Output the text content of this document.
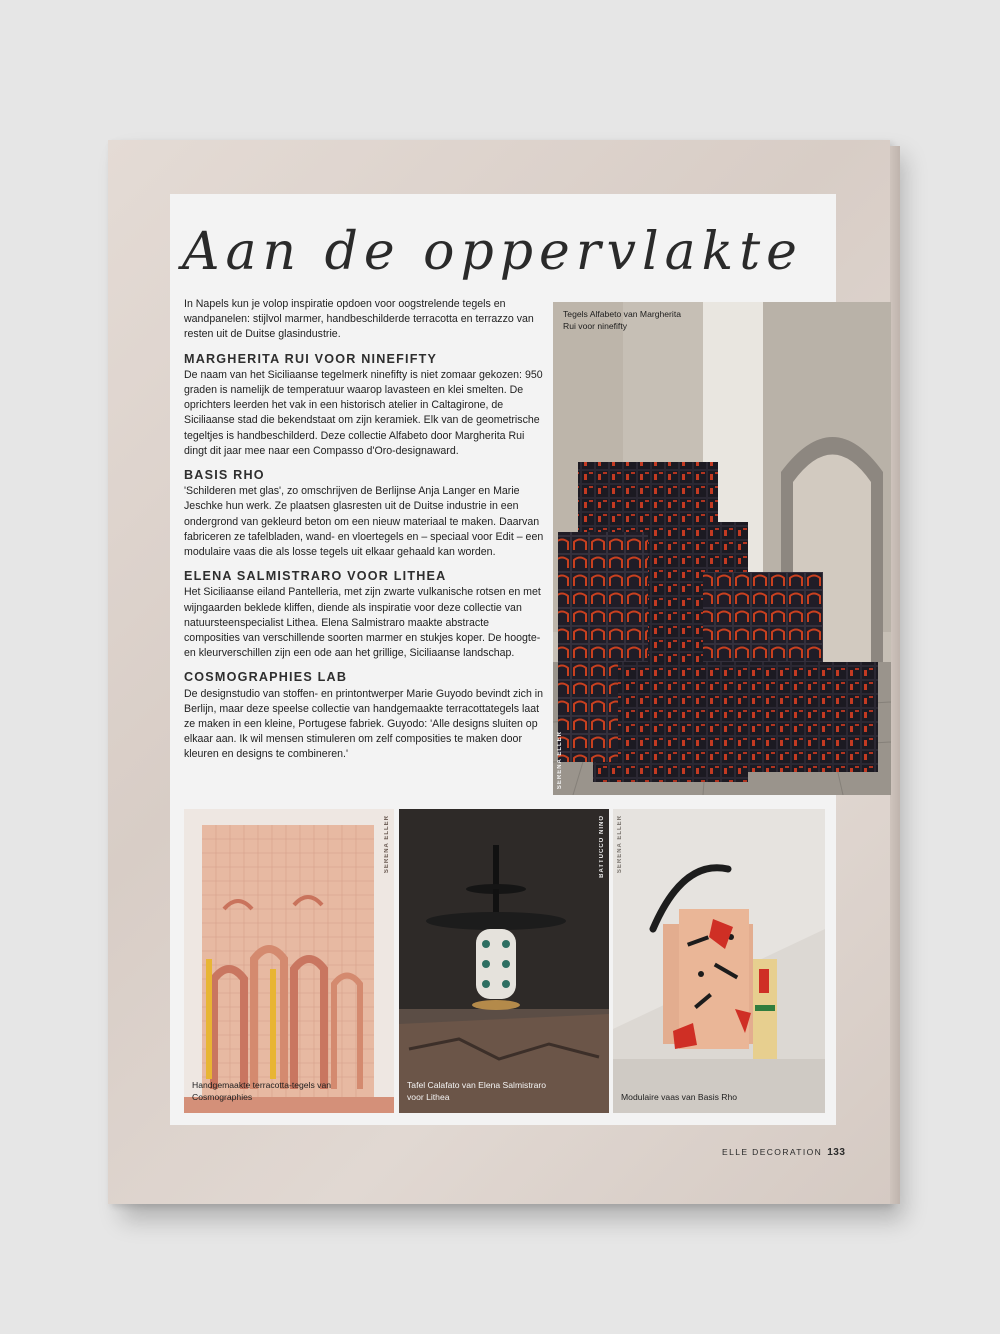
Aan de oppervlakte

In Napels kun je volop inspiratie opdoen voor oogstrelende tegels en wandpanelen: stijlvol marmer, handbeschilderde terracotta en terrazzo van resten uit de Duitse glasindustrie.

MARGHERITA RUI VOOR NINEFIFTY

De naam van het Siciliaanse tegelmerk ninefifty is niet zomaar gekozen: 950 graden is namelijk de temperatuur waarop lavasteen en klei smelten. De oprichters leerden het vak in een historisch atelier in Caltagirone, de Siciliaanse stad die bekendstaat om zijn keramiek. Elk van de geometrische tegeltjes is handbeschilderd. Deze collectie Alfabeto door Margherita Rui dingt dit jaar mee naar een Compasso d'Oro-designaward.

BASIS RHO

'Schilderen met glas', zo omschrijven de Berlijnse Anja Langer en Marie Jeschke hun werk. Ze plaatsen glasresten uit de Duitse industrie in een ondergrond van gekleurd beton om een nieuw materiaal te maken. Daarvan fabriceren ze tafelbladen, wand- en vloertegels en – speciaal voor Edit – een modulaire vaas die als losse tegels uit elkaar gehaald kan worden.

ELENA SALMISTRARO VOOR LITHEA

Het Siciliaanse eiland Pantelleria, met zijn zwarte vulkanische rotsen en met wijngaarden beklede kliffen, diende als inspiratie voor deze collectie van natuursteenspecialist Lithea. Elena Salmistraro maakte abstracte composities van verschillende soorten marmer en stukjes koper. De hoogte- en kleurverschillen zijn een ode aan het grillige, Siciliaanse landschap.

COSMOGRAPHIES LAB

De designstudio van stoffen- en printontwerper Marie Guyodo bevindt zich in Berlijn, maar deze speelse collectie van handgemaakte terracottategels laat ze maken in een kleine, Portugese fabriek. Guyodo: 'Alle designs sluiten op elkaar aan. Ik wil mensen stimuleren om zelf composities te maken door kleuren en designs te combineren.'

Tegels Alfabeto van Margherita Rui voor ninefifty
SERENA ELLER
SERENA ELLER
Handgemaakte terracotta-tegels van Cosmographies
BATTUCCO NINO
Tafel Calafato van Elena Salmistraro voor Lithea
SERENA ELLER
Modulaire vaas van Basis Rho
ELLE DECORATION 133
